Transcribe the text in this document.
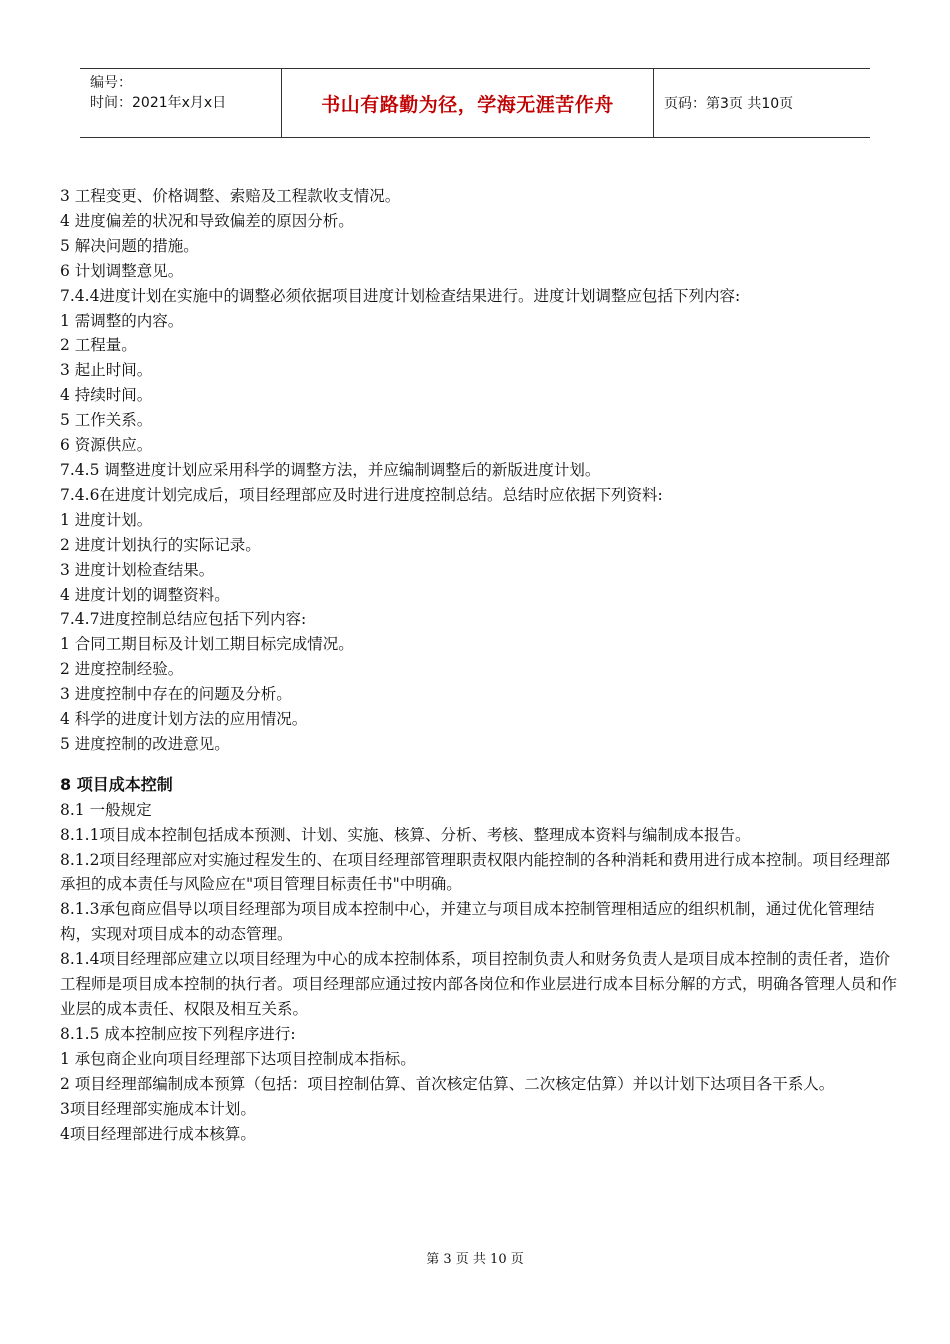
编号：
时间：2021年x月x日	书山有路勤为径，学海无涯苦作舟	页码：第3页 共10页

3 工程变更、价格调整、索赔及工程款收支情况。

4 进度偏差的状况和导致偏差的原因分析。

5 解决问题的措施。

6 计划调整意见。

7.4.4进度计划在实施中的调整必须依据项目进度计划检查结果进行。进度计划调整应包括下列内容:

1 需调整的内容。

2 工程量。

3 起止时间。

4 持续时间。

5 工作关系。

6 资源供应。

7.4.5 调整进度计划应采用科学的调整方法，并应编制调整后的新版进度计划。

7.4.6在进度计划完成后，项目经理部应及时进行进度控制总结。总结时应依据下列资料:

1 进度计划。

2 进度计划执行的实际记录。

3 进度计划检查结果。

4 进度计划的调整资料。

7.4.7进度控制总结应包括下列内容:

1 合同工期目标及计划工期目标完成情况。

2 进度控制经验。

3 进度控制中存在的问题及分析。

4 科学的进度计划方法的应用情况。

5 进度控制的改进意见。

8 项目成本控制

8.1 一般规定

8.1.1项目成本控制包括成本预测、计划、实施、核算、分析、考核、整理成本资料与编制成本报告。

8.1.2项目经理部应对实施过程发生的、在项目经理部管理职责权限内能控制的各种消耗和费用进行成本控制。项目经理部承担的成本责任与风险应在"项目管理目标责任书"中明确。

8.1.3承包商应倡导以项目经理部为项目成本控制中心，并建立与项目成本控制管理相适应的组织机制，通过优化管理结构，实现对项目成本的动态管理。

8.1.4项目经理部应建立以项目经理为中心的成本控制体系，项目控制负责人和财务负责人是项目成本控制的责任者，造价工程师是项目成本控制的执行者。项目经理部应通过按内部各岗位和作业层进行成本目标分解的方式，明确各管理人员和作业层的成本责任、权限及相互关系。

8.1.5 成本控制应按下列程序进行:

1 承包商企业向项目经理部下达项目控制成本指标。

2 项目经理部编制成本预算（包括：项目控制估算、首次核定估算、二次核定估算）并以计划下达项目各干系人。

3项目经理部实施成本计划。

4项目经理部进行成本核算。

第 3 页 共 10 页
